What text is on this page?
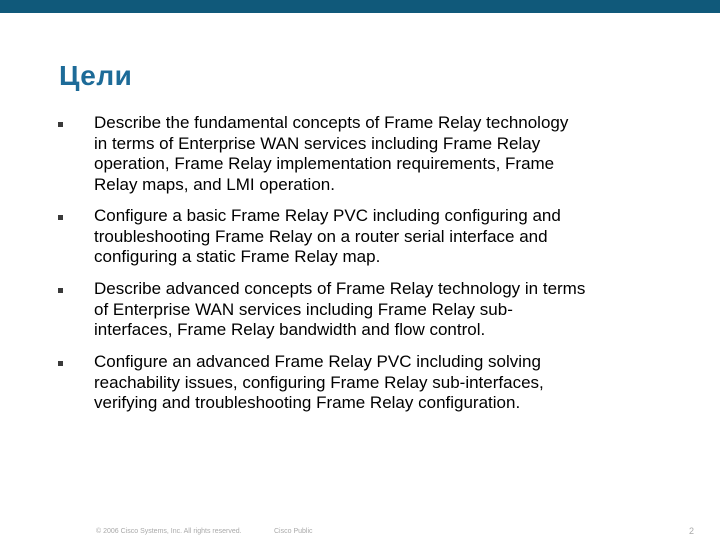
Цели
Describe the fundamental concepts of Frame Relay technology
in terms of Enterprise WAN services including Frame Relay
operation, Frame Relay implementation requirements, Frame
Relay maps, and LMI operation.
Configure a basic Frame Relay PVC including configuring and
troubleshooting Frame Relay on a router serial interface and
configuring a static Frame Relay map.
Describe advanced concepts of Frame Relay technology in terms
of Enterprise WAN services including Frame Relay sub-
interfaces, Frame Relay bandwidth and flow control.
Configure an advanced Frame Relay PVC including solving
reachability issues, configuring Frame Relay sub-interfaces,
verifying and troubleshooting Frame Relay configuration.
© 2006 Cisco Systems, Inc. All rights reserved.	Cisco Public	2
